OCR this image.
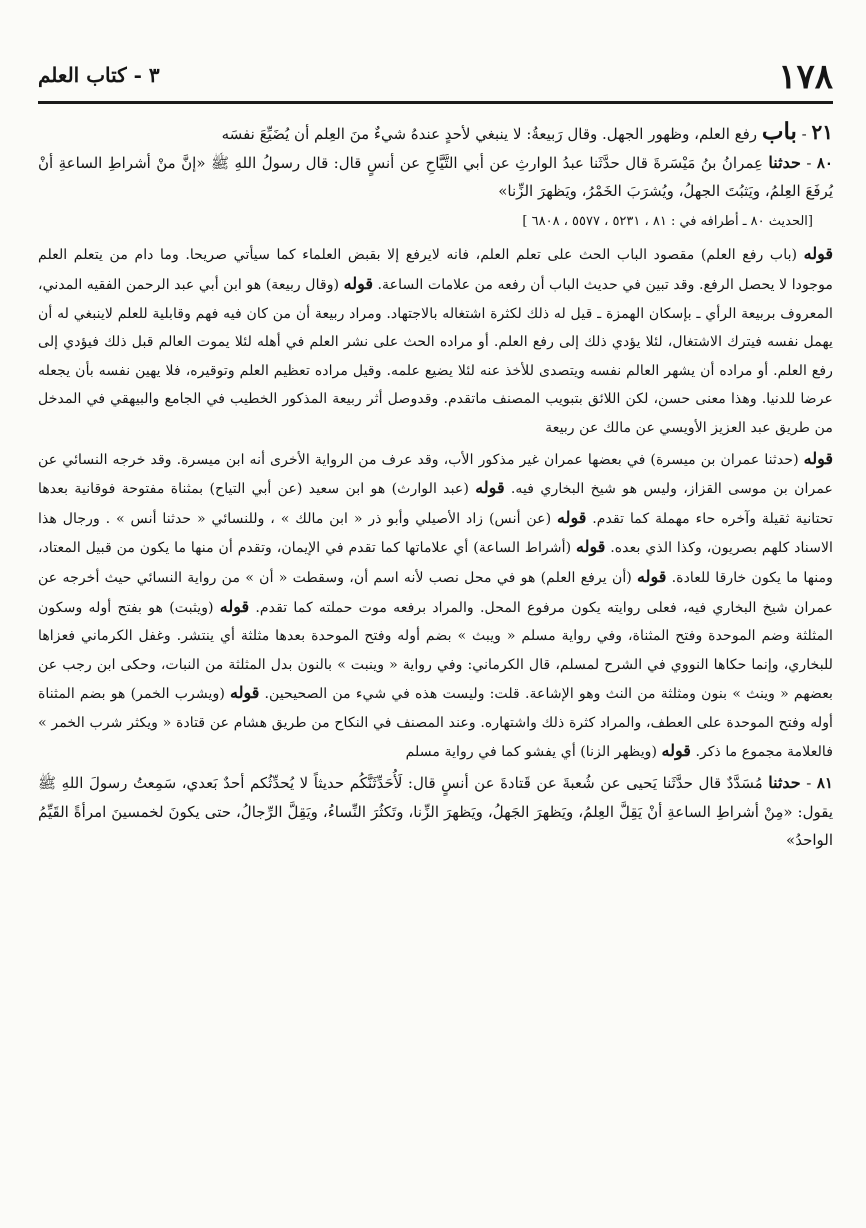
١٧٨
٣ - كتاب العلم

٢١ - باب رفع العلم، وظهور الجهل. وقال رَبيعةُ: لا ينبغي لأحدٍ عندهُ شيءٌ منَ العِلم أن يُضَيِّعَ نفسَه

٨٠ - حدثنا عِمرانُ بنُ مَيْسَرةَ قال حدَّثَنا عبدُ الوارثِ عن أبي التَّيَّاحِ عن أنسٍ قال: قال رسولُ اللهِ ﷺ «إنَّ منْ أشراطِ الساعةِ أنْ يُرفَعَ العِلمُ، ويَثبُتَ الجهلُ، ويُشرَبَ الخَمْرُ، ويَظهرَ الزِّنا»

[الحديث ٨٠ ـ أطرافه في : ٨١ ، ٥٢٣١ ، ٥٥٧٧ ، ٦٨٠٨ ]

قوله (باب رفع العلم) مقصود الباب الحث على تعلم العلم، فانه لايرفع إلا بقبض العلماء كما سيأتي صريحا. وما دام من يتعلم العلم موجودا لا يحصل الرفع. وقد تبين في حديث الباب أن رفعه من علامات الساعة. قوله (وقال ربيعة) هو ابن أبي عبد الرحمن الفقيه المدني، المعروف بربيعة الرأي ـ بإسكان الهمزة ـ قيل له ذلك لكثرة اشتغاله بالاجتهاد. ومراد ربيعة أن من كان فيه فهم وقابلية للعلم لاينبغي له أن يهمل نفسه فيترك الاشتغال، لئلا يؤدي ذلك إلى رفع العلم. أو مراده الحث على نشر العلم في أهله لئلا يموت العالم قبل ذلك فيؤدي إلى رفع العلم. أو مراده أن يشهر العالم نفسه ويتصدى للأخذ عنه لئلا يضيع علمه. وقيل مراده تعظيم العلم وتوقيره، فلا يهين نفسه بأن يجعله عرضا للدنيا. وهذا معنى حسن، لكن اللائق بتبويب المصنف ماتقدم. وقدوصل أثر ربيعة المذكور الخطيب في الجامع والبيهقي في المدخل من طريق عبد العزيز الأويسي عن مالك عن ربيعة

قوله (حدثنا عمران بن ميسرة) في بعضها عمران غير مذكور الأب، وقد عرف من الرواية الأخرى أنه ابن ميسرة. وقد خرجه النسائي عن عمران بن موسى القزاز، وليس هو شيخ البخاري فيه. قوله (عبد الوارث) هو ابن سعيد (عن أبي التياح) بمثناة مفتوحة فوقانية بعدها تحتانية ثقيلة وآخره حاء مهملة كما تقدم. قوله (عن أنس) زاد الأصيلي وأبو ذر « ابن مالك » ، وللنسائي « حدثنا أنس » . ورجال هذا الاسناد كلهم بصريون، وكذا الذي بعده. قوله (أشراط الساعة) أي علاماتها كما تقدم في الإيمان، وتقدم أن منها ما يكون من قبيل المعتاد، ومنها ما يكون خارقا للعادة. قوله (أن يرفع العلم) هو في محل نصب لأنه اسم أن، وسقطت « أن » من رواية النسائي حيث أخرجه عن عمران شيخ البخاري فيه، فعلى روايته يكون مرفوع المحل. والمراد برفعه موت حملته كما تقدم. قوله (ويثبت) هو بفتح أوله وسكون المثلثة وضم الموحدة وفتح المثناة، وفي رواية مسلم « ويبث » بضم أوله وفتح الموحدة بعدها مثلثة أي ينتشر. وغفل الكرماني فعزاها للبخاري، وإنما حكاها النووي في الشرح لمسلم، قال الكرماني: وفي رواية « وينبت » بالنون بدل المثلثة من النبات، وحكى ابن رجب عن بعضهم « وينث » بنون ومثلثة من النث وهو الإشاعة. قلت: وليست هذه في شيء من الصحيحين. قوله (ويشرب الخمر) هو بضم المثناة أوله وفتح الموحدة على العطف، والمراد كثرة ذلك واشتهاره. وعند المصنف في النكاح من طريق هشام عن قتادة « ويكثر شرب الخمر » فالعلامة مجموع ما ذكر. قوله (ويظهر الزنا) أي يفشو كما في رواية مسلم

٨١ - حدثنا مُسَدَّدٌ قال حدَّثَنا يَحيى عن شُعبةَ عن قَتادةَ عن أنسٍ قال: لَأُحَدِّثَنَّكُم حديثاً لا يُحدِّثُكم أحدٌ بَعدي، سَمِعتُ رسولَ اللهِ ﷺ يقول: «مِنْ أشراطِ الساعةِ أنْ يَقِلَّ العِلمُ، ويَظهرَ الجَهلُ، ويَظهرَ الزِّنا، وتَكثُرَ النِّساءُ، ويَقِلَّ الرِّجالُ، حتى يكونَ لخمسينَ امرأةً القَيِّمُ الواحدُ»
